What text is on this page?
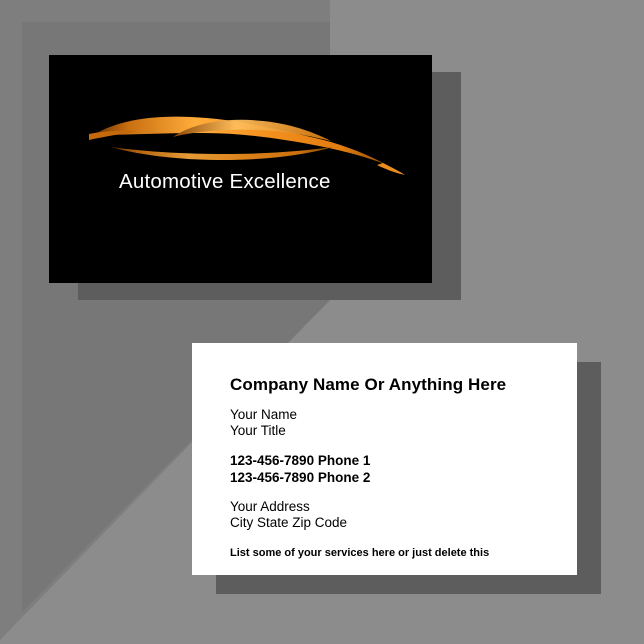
Automotive Excellence
Company Name Or Anything Here
Your Name
Your Title
123-456-7890 Phone 1
123-456-7890 Phone 2
Your Address
City State Zip Code
List some of your services here or just delete this
